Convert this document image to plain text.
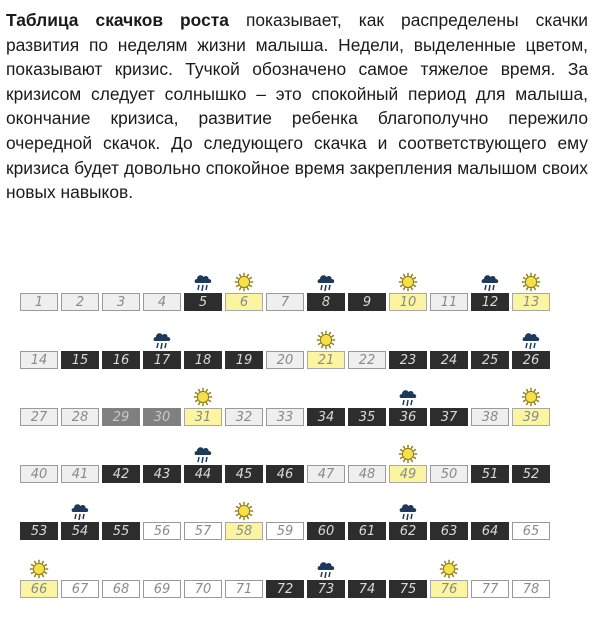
Таблица скачков роста показывает, как распределены скачки развития по неделям жизни малыша. Недели, выделенные цветом, показывают кризис. Тучкой обозначено самое тяжелое время. За кризисом следует солнышко – это спокойный период для малыша, окончание кризиса, развитие ребенка благополучно пережило очередной скачок. До следующего скачка и соответствующего ему кризиса будет довольно спокойное время закрепления малышом своих новых навыков.

1	2	3	4	5	6	7	8	9	10	11	12	13
14	15	16	17	18	19	20	21	22	23	24	25	26
27	28	29	30	31	32	33	34	35	36	37	38	39
40	41	42	43	44	45	46	47	48	49	50	51	52
53	54	55	56	57	58	59	60	61	62	63	64	65
66	67	68	69	70	71	72	73	74	75	76	77	78
